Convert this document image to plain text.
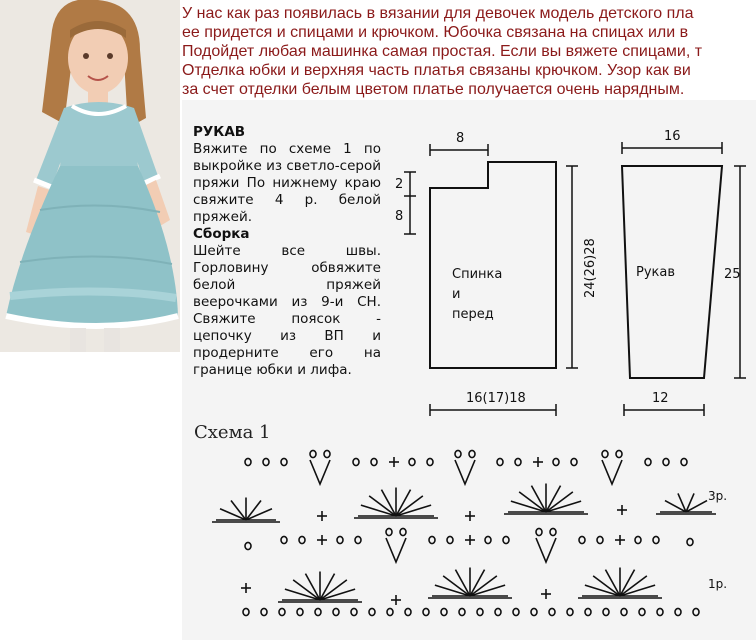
У нас как раз появилась в вязании для девочек модель детского пла
ее придется и спицами и крючком. Юбочка связана на спицах или в
Подойдет любая машинка самая простая. Если вы вяжете спицами, т
Отделка юбки и верхняя часть платья связаны крючком. Узор как ви
за счет отделки белым цветом платье получается очень нарядным.
РУКАВ

Вяжите по схеме 1 по выкройке из светло-серой пряжи По нижнему краю свяжите 4 р. белой пряжей.

Сборка

Шейте все швы. Горловину обвяжите белой пряжей веерочками из 9-и СН. Свяжите поясок - цепочку из ВП и продерните его на границе юбки и лифа.

8
2
8
Спинка
и
перед
24(26)28
16(17)18
16
Рукав	25
12
Схема 1
3р.
1р.
